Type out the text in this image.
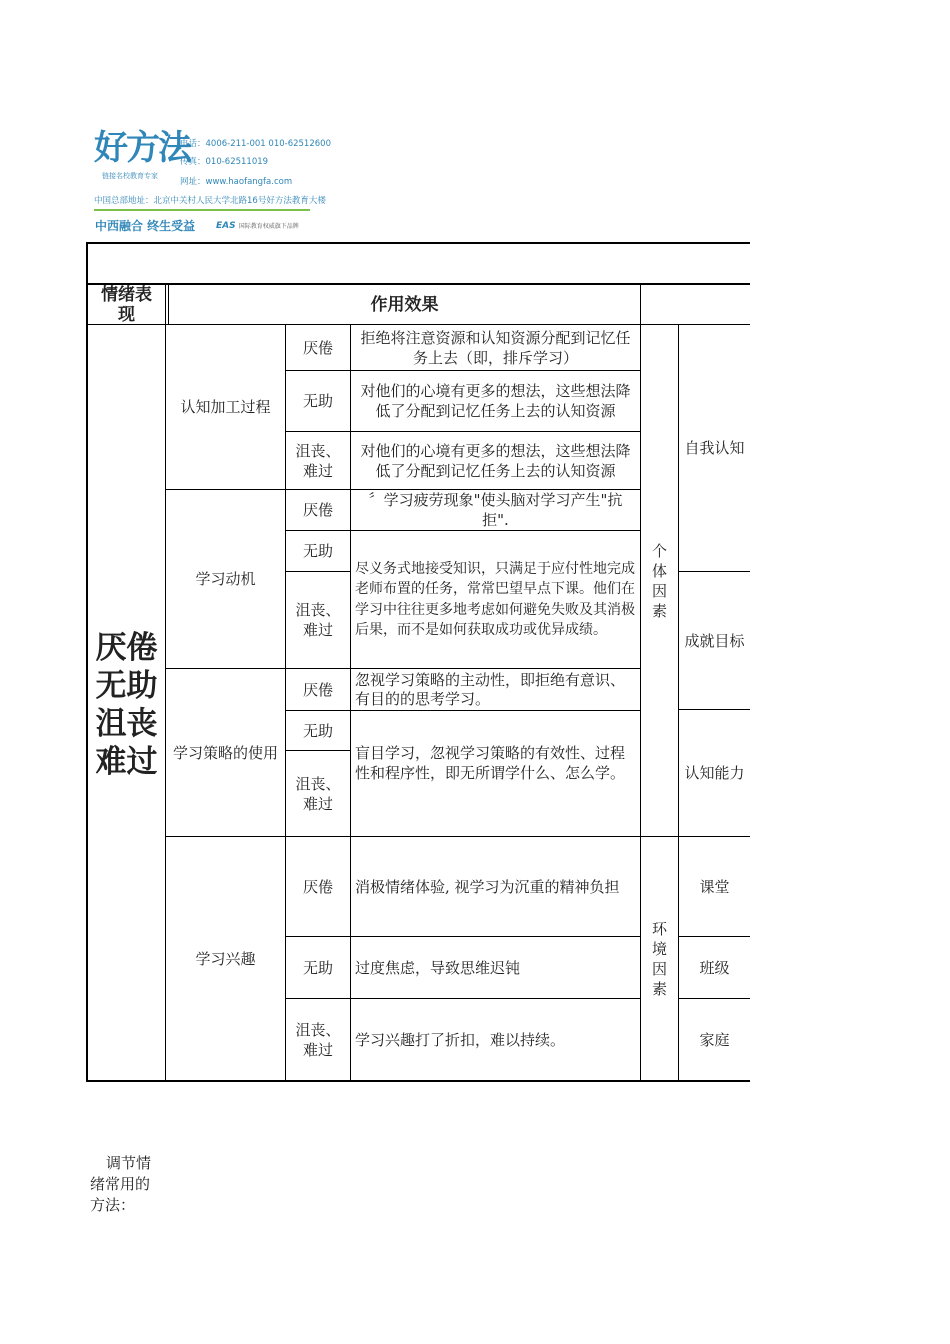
好方法
链接名校教育专家
电话：4006-211-001 010-62512600
传真：010-62511019
网址：www.haofangfa.com
中国总部地址：北京中关村人民大学北路16号好方法教育大楼
中西融合 终生受益 EAS 国际教育权威旗下品牌
情绪表现	作用效果
厌倦无助沮丧难过
认知加工过程
学习动机
学习策略的使用
学习兴趣
厌倦
无助
沮丧、难过
厌倦
无助
沮丧、难过
厌倦
无助
沮丧、难过
厌倦
无助
沮丧、难过
拒绝将注意资源和认知资源分配到记忆任务上去（即，排斥学习）
对他们的心境有更多的想法，这些想法降低了分配到记忆任务上去的认知资源
对他们的心境有更多的想法，这些想法降低了分配到记忆任务上去的认知资源
〞学习疲劳现象"使头脑对学习产生"抗拒".
尽义务式地接受知识，只满足于应付性地完成老师布置的任务，常常巴望早点下课。他们在学习中往往更多地考虑如何避免失败及其消极后果，而不是如何获取成功或优异成绩。
忽视学习策略的主动性，即拒绝有意识、有目的的思考学习。
盲目学习，忽视学习策略的有效性、过程性和程序性，即无所谓学什么、怎么学。
消极情绪体验, 视学习为沉重的精神负担
过度焦虑，导致思维迟钝
学习兴趣打了折扣，难以持续。
个体因素
环境因素
自我认知
成就目标
认知能力
课堂
班级
家庭
调节情绪常用的方法：
